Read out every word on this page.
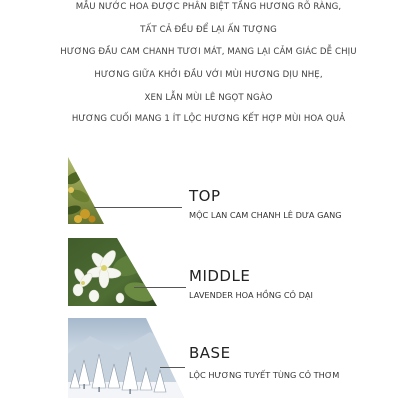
MẪU NƯỚC HOA ĐƯỢC PHÂN BIỆT TẦNG HƯƠNG RÕ RÀNG,
TẤT CẢ ĐỀU ĐỂ LẠI ẤN TƯỢNG
HƯƠNG ĐẦU CAM CHANH TƯƠI MÁT, MANG LẠI CẢM GIÁC DỄ CHỊU
HƯƠNG GIỮA KHỞI ĐẦU VỚI MÙI HƯƠNG DỊU NHẸ,
XEN LẪN MÙI LÊ NGỌT NGÀO
HƯƠNG CUỐI MANG 1 ÍT LỘC HƯƠNG KẾT HỢP MÙI HOA QUẢ
TOP
MỘC LAN CAM CHANH LÊ DƯA GANG
MIDDLE
LAVENDER HOA HỒNG CỎ DẠI
BASE
LỘC HƯƠNG TUYẾT TÙNG CỎ THƠM
